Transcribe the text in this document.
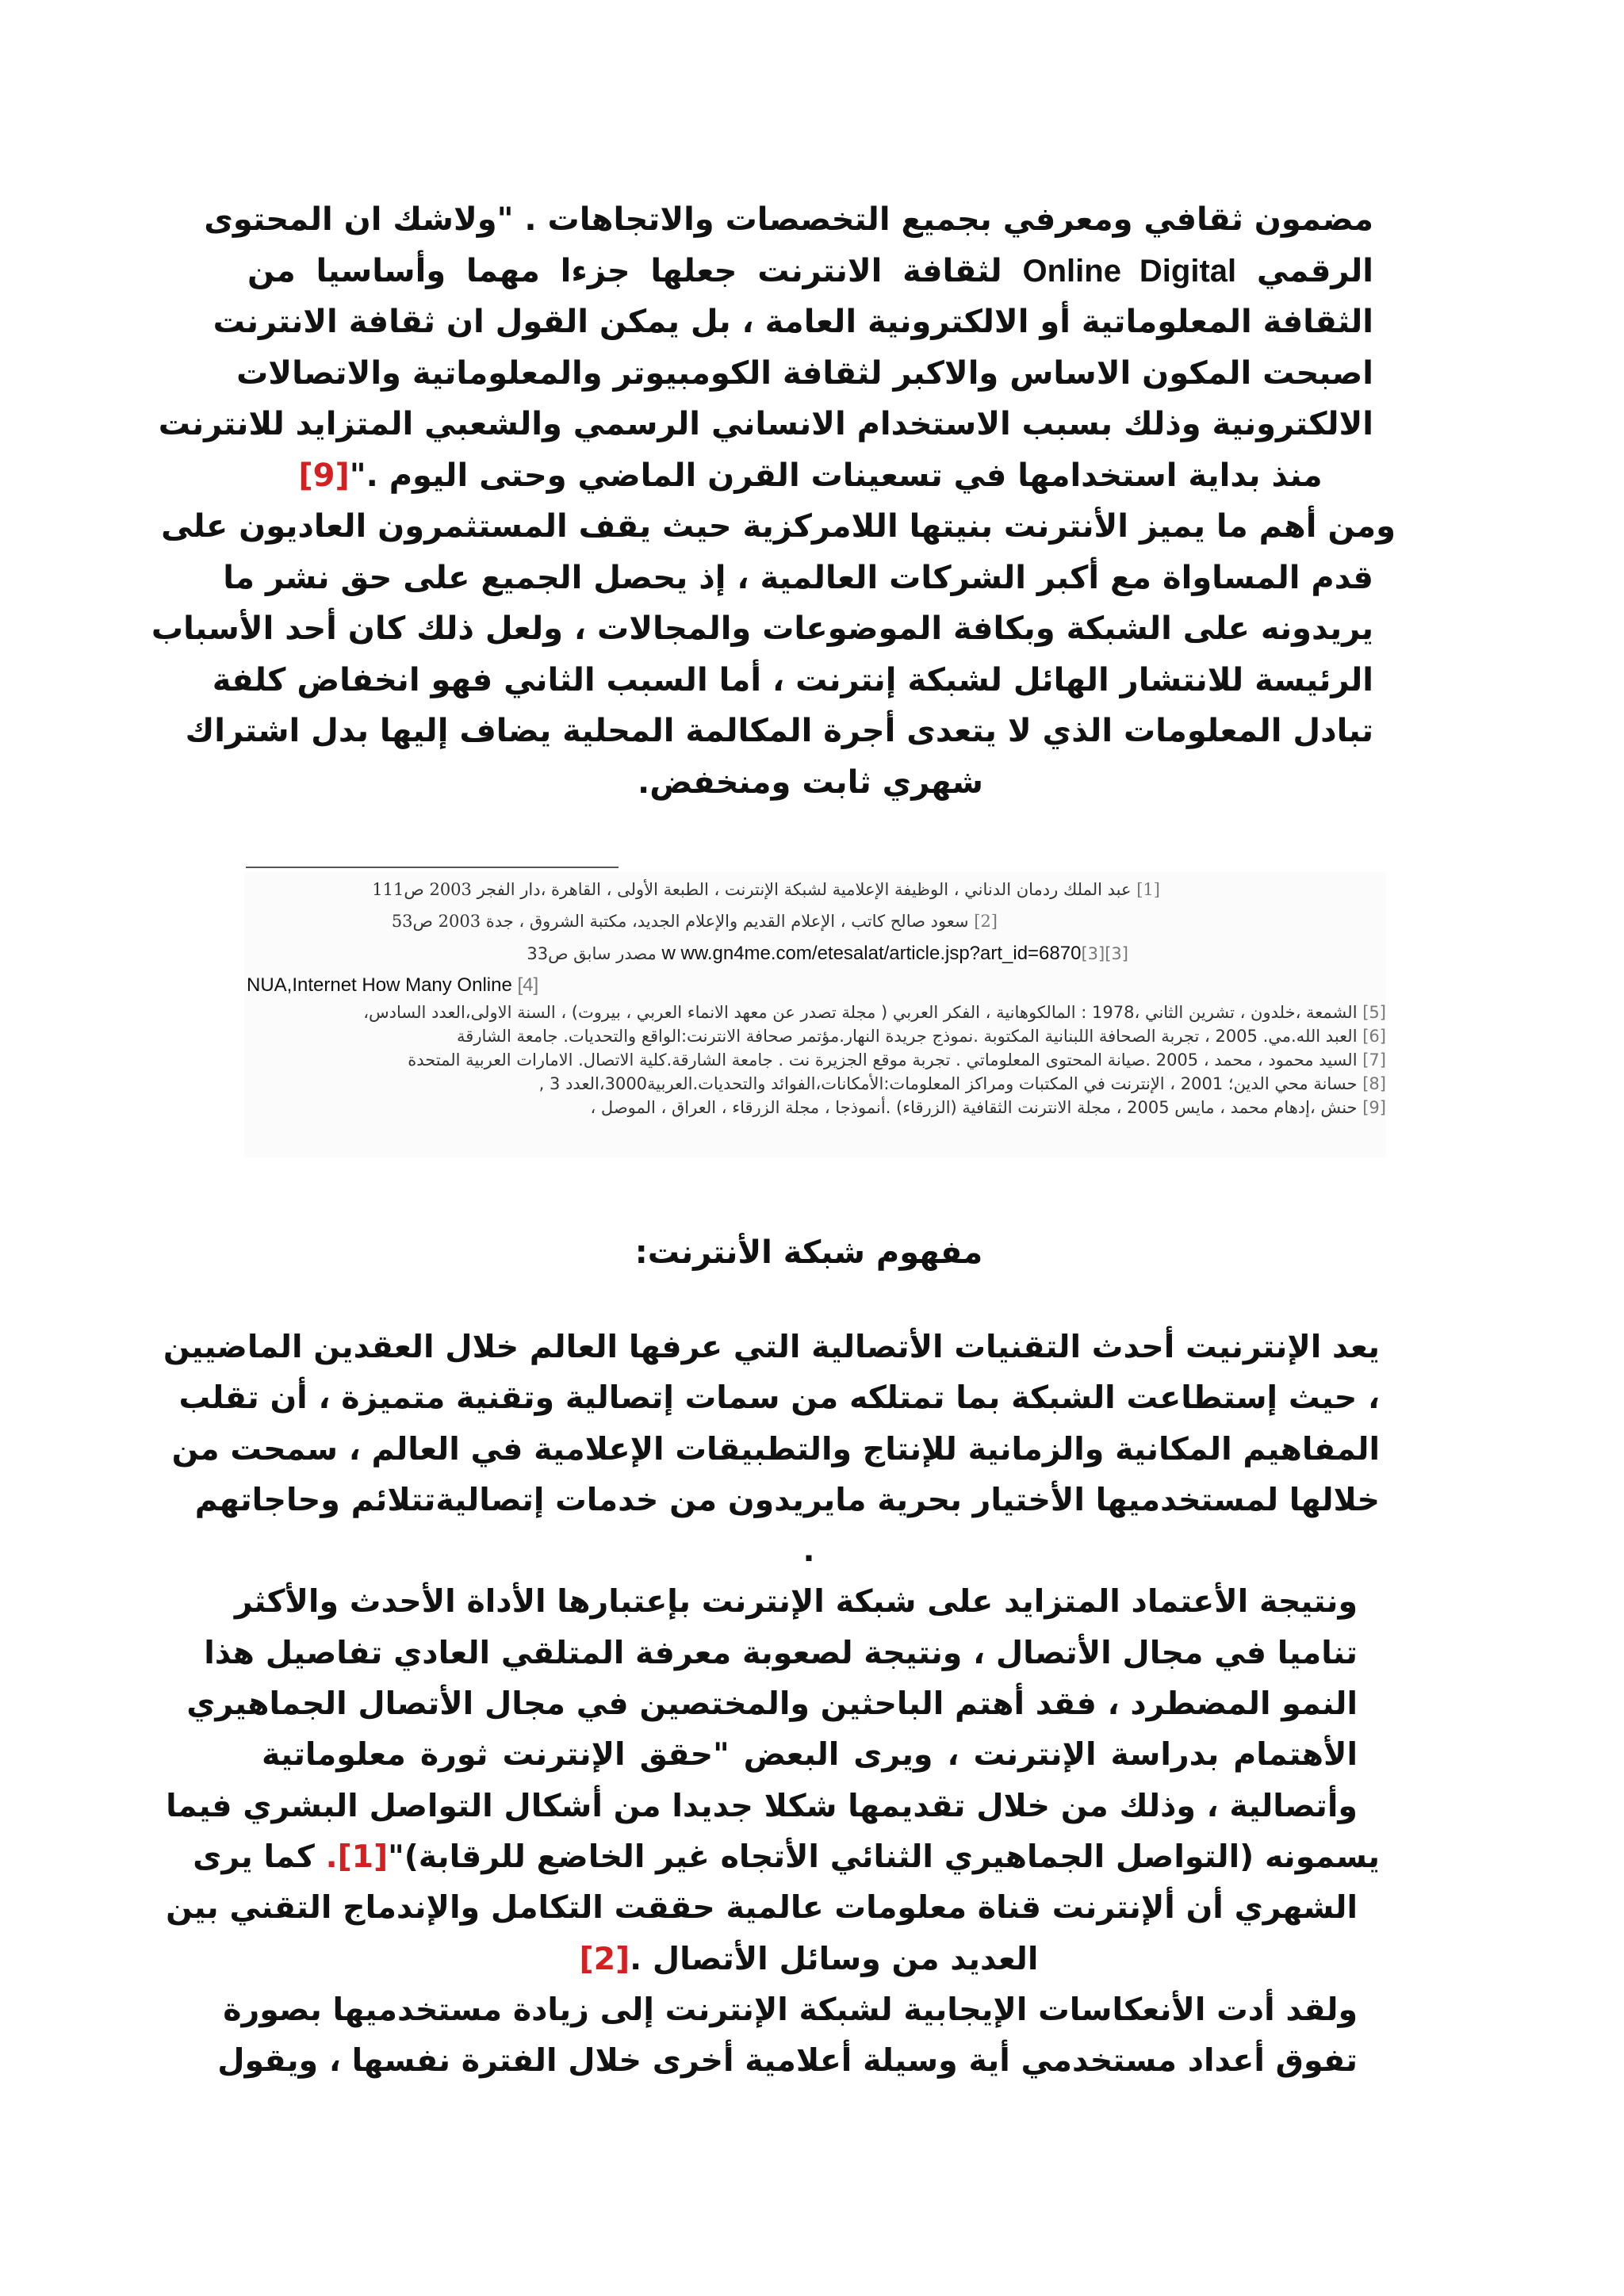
مضمون ثقافي ومعرفي بجميع التخصصات والاتجاهات . "ولاشك ان المحتوى
الرقمي Online Digital لثقافة الانترنت جعلها جزءا مهما وأساسيا من
الثقافة المعلوماتية أو الالكترونية العامة ، بل يمكن القول ان ثقافة الانترنت
اصبحت المكون الاساس والاكبر لثقافة الكومبيوتر والمعلوماتية والاتصالات
الالكترونية وذلك بسبب الاستخدام الانساني الرسمي والشعبي المتزايد للانترنت
منذ بداية استخدامها في تسعينات القرن الماضي وحتى اليوم ."[9]
ومن أهم ما يميز الأنترنت بنيتها اللامركزية حيث يقف المستثمرون العاديون على
قدم المساواة مع أكبر الشركات العالمية ، إذ يحصل الجميع على حق نشر ما
يريدونه على الشبكة وبكافة الموضوعات والمجالات ، ولعل ذلك كان أحد الأسباب
الرئيسة للانتشار الهائل لشبكة إنترنت ، أما السبب الثاني فهو انخفاض كلفة
تبادل المعلومات الذي لا يتعدى أجرة المكالمة المحلية يضاف إليها بدل اشتراك
شهري ثابت ومنخفض.
[1] عبد الملك ردمان الدناني ، الوظيفة الإعلامية لشبكة الإنترنت ، الطبعة الأولى ، القاهرة ،دار الفجر 2003 ص111
[2] سعود صالح كاتب ، الإعلام القديم والإعلام الجديد، مكتبة الشروق ، جدة 2003 ص53
[3][3]w ww.gn4me.com/etesalat/article.jsp?art_id=6870 مصدر سابق ص33
NUA,Internet How Many Online [4]
[5] الشمعة ،خلدون ، تشرين الثاني ،1978 : المالكوهانية ، الفكر العربي ( مجلة تصدر عن معهد الانماء العربي ، بيروت) ، السنة الاولى،العدد السادس،
[6] العبد الله.مي. 2005 ، تجربة الصحافة اللبنانية المكتوبة .نموذج جريدة النهار.مؤتمر صحافة الانترنت:الواقع والتحديات. جامعة الشارقة
[7] السيد محمود ، محمد ، 2005 .صيانة المحتوى المعلوماتي . تجربة موقع الجزيرة نت . جامعة الشارقة.كلية الاتصال. الامارات العربية المتحدة
[8] حسانة محي الدين؛ 2001 ، الإنترنت في المكتبات ومراكز المعلومات:الأمكانات،الفوائد والتحديات.العربية3000،العدد 3 ,
[9] حنش ،إدهام محمد ، مايس 2005 ، مجلة الانترنت الثقافية (الزرقاء) .أنموذجا ، مجلة الزرقاء ، العراق ، الموصل ،
مفهوم شبكة الأنترنت:
يعد الإنترنيت أحدث التقنيات الأتصالية التي عرفها العالم خلال العقدين الماضيين
، حيث إستطاعت الشبكة بما تمتلكه من سمات إتصالية وتقنية متميزة ، أن تقلب
المفاهيم المكانية والزمانية للإنتاج والتطبيقات الإعلامية في العالم ، سمحت من
خلالها لمستخدميها الأختيار بحرية مايريدون من خدمات إتصاليةتتلائم وحاجاتهم
.
ونتيجة الأعتماد المتزايد على شبكة الإنترنت بإعتبارها الأداة الأحدث والأكثر
تناميا في مجال الأتصال ، ونتيجة لصعوبة معرفة المتلقي العادي تفاصيل هذا
النمو المضطرد ، فقد أهتم الباحثين والمختصين في مجال الأتصال الجماهيري
الأهتمام بدراسة الإنترنت ، ويرى البعض "حقق الإنترنت ثورة معلوماتية
وأتصالية ، وذلك من خلال تقديمها شكلا جديدا من أشكال التواصل البشري فيما
يسمونه (التواصل الجماهيري الثنائي الأتجاه غير الخاضع للرقابة)"[1]. كما يرى
الشهري أن ألإنترنت قناة معلومات عالمية حققت التكامل والإندماج التقني بين
العديد من وسائل الأتصال .[2]
ولقد أدت الأنعكاسات الإيجابية لشبكة الإنترنت إلى زيادة مستخدميها بصورة
تفوق أعداد مستخدمي أية وسيلة أعلامية أخرى خلال الفترة نفسها ، ويقول
